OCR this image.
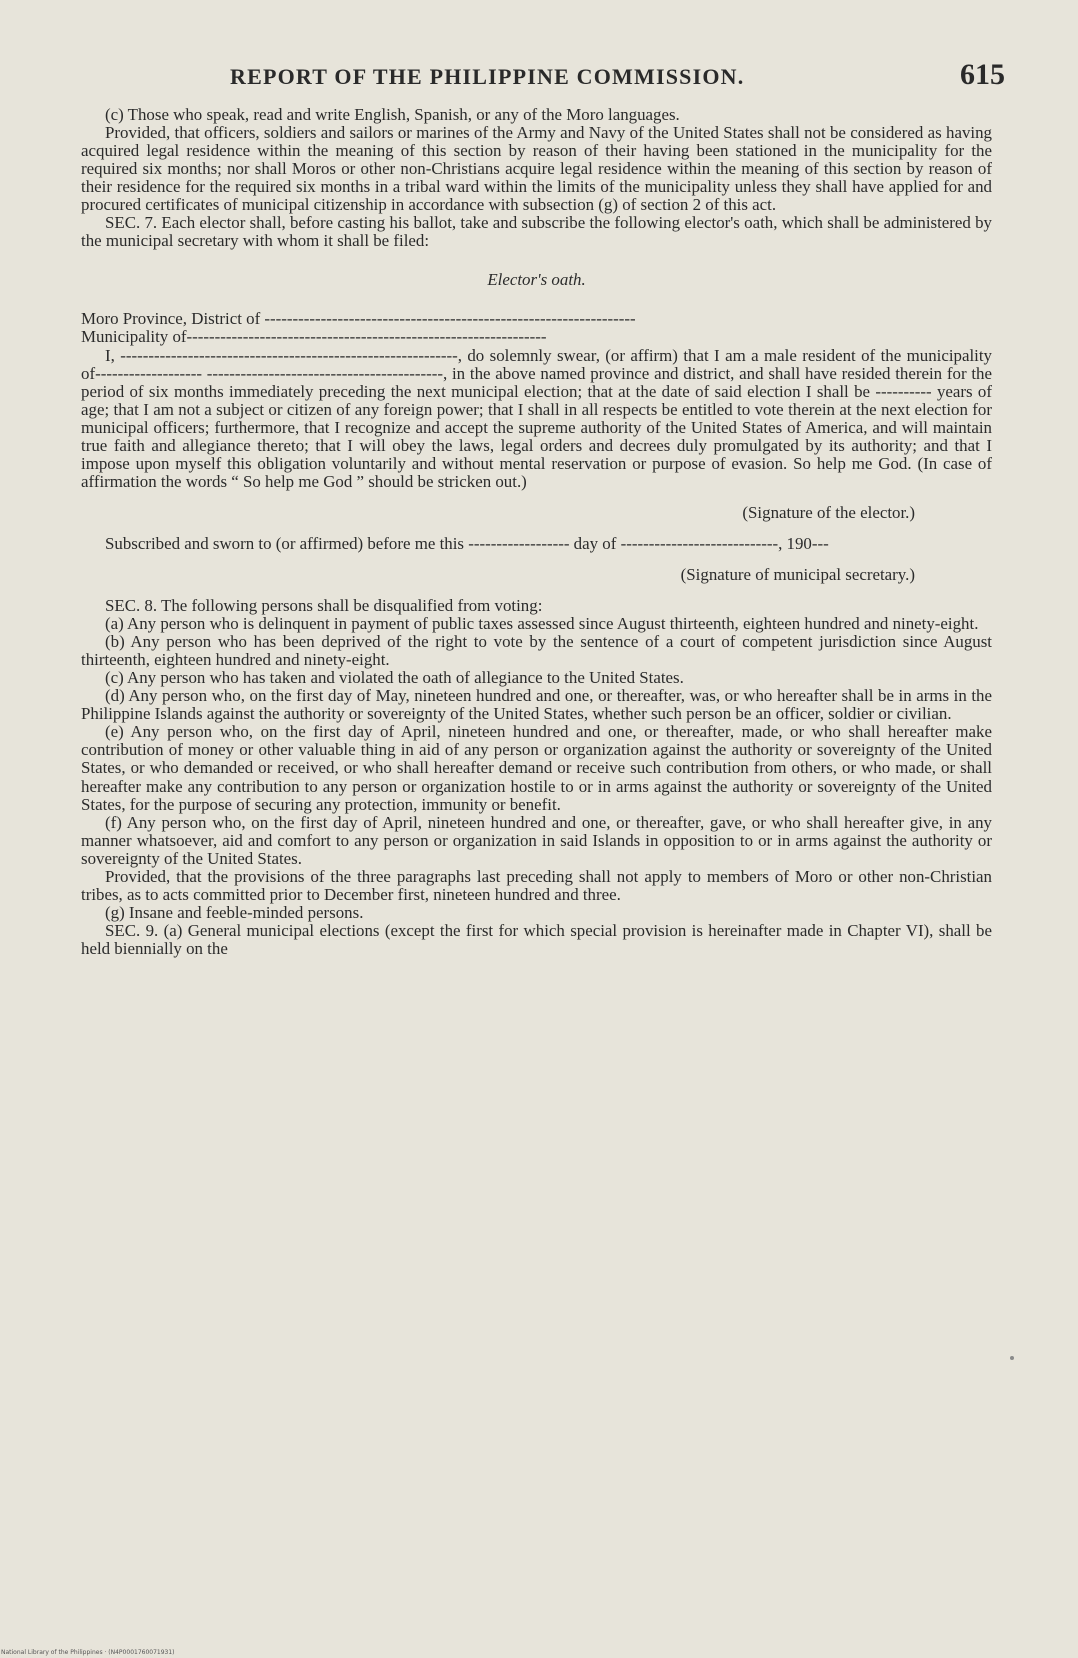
REPORT OF THE PHILIPPINE COMMISSION.	615

(c) Those who speak, read and write English, Spanish, or any of the Moro languages.

Provided, that officers, soldiers and sailors or marines of the Army and Navy of the United States shall not be considered as having acquired legal residence within the meaning of this section by reason of their having been stationed in the municipality for the required six months; nor shall Moros or other non-Christians acquire legal residence within the meaning of this section by reason of their residence for the required six months in a tribal ward within the limits of the municipality unless they shall have applied for and procured certificates of municipal citizenship in accordance with subsection (g) of section 2 of this act.

SEC. 7. Each elector shall, before casting his ballot, take and subscribe the following elector's oath, which shall be administered by the municipal secretary with whom it shall be filed:

Elector's oath.

Moro Province, District of ------------------------------------------------------------------

Municipality of----------------------------------------------------------------

I, ------------------------------------------------------------, do solemnly swear, (or affirm) that I am a male resident of the municipality of------------------- ------------------------------------------, in the above named province and district, and shall have resided therein for the period of six months immediately preceding the next municipal election; that at the date of said election I shall be ---------- years of age; that I am not a subject or citizen of any foreign power; that I shall in all respects be entitled to vote therein at the next election for municipal officers; furthermore, that I recognize and accept the supreme authority of the United States of America, and will maintain true faith and allegiance thereto; that I will obey the laws, legal orders and decrees duly promulgated by its authority; and that I impose upon myself this obligation voluntarily and without mental reservation or purpose of evasion. So help me God. (In case of affirmation the words “ So help me God ” should be stricken out.)

(Signature of the elector.)

Subscribed and sworn to (or affirmed) before me this ------------------ day of ----------------------------, 190---

(Signature of municipal secretary.)

SEC. 8. The following persons shall be disqualified from voting:

(a) Any person who is delinquent in payment of public taxes assessed since August thirteenth, eighteen hundred and ninety-eight.

(b) Any person who has been deprived of the right to vote by the sentence of a court of competent jurisdiction since August thirteenth, eighteen hundred and ninety-eight.

(c) Any person who has taken and violated the oath of allegiance to the United States.

(d) Any person who, on the first day of May, nineteen hundred and one, or thereafter, was, or who hereafter shall be in arms in the Philippine Islands against the authority or sovereignty of the United States, whether such person be an officer, soldier or civilian.

(e) Any person who, on the first day of April, nineteen hundred and one, or thereafter, made, or who shall hereafter make contribution of money or other valuable thing in aid of any person or organization against the authority or sovereignty of the United States, or who demanded or received, or who shall hereafter demand or receive such contribution from others, or who made, or shall hereafter make any contribution to any person or organization hostile to or in arms against the authority or sovereignty of the United States, for the purpose of securing any protection, immunity or benefit.

(f) Any person who, on the first day of April, nineteen hundred and one, or thereafter, gave, or who shall hereafter give, in any manner whatsoever, aid and comfort to any person or organization in said Islands in opposition to or in arms against the authority or sovereignty of the United States.

Provided, that the provisions of the three paragraphs last preceding shall not apply to members of Moro or other non-Christian tribes, as to acts committed prior to December first, nineteen hundred and three.

(g) Insane and feeble-minded persons.

SEC. 9. (a) General municipal elections (except the first for which special provision is hereinafter made in Chapter VI), shall be held biennially on the

National Library of the Philippines · (N4P0001760071931)
